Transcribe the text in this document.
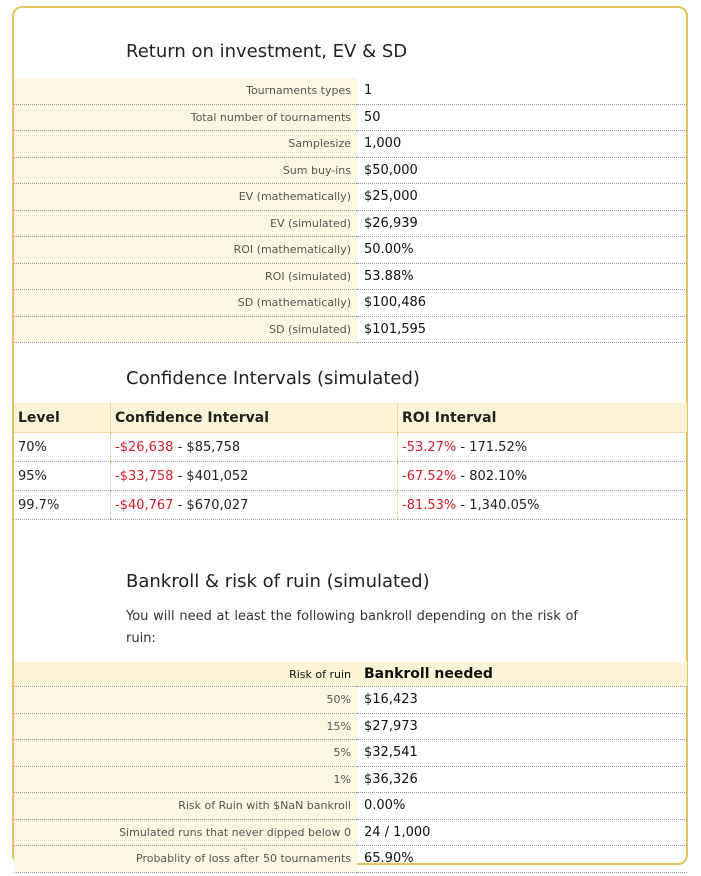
Return on investment, EV & SD
Tournaments types	1
Total number of tournaments	50
Samplesize	1,000
Sum buy-ins	$50,000
EV (mathematically)	$25,000
EV (simulated)	$26,939
ROI (mathematically)	50.00%
ROI (simulated)	53.88%
SD (mathematically)	$100,486
SD (simulated)	$101,595
Confidence Intervals (simulated)
Level	Confidence Interval	ROI Interval
70%	-$26,638 - $85,758	-53.27% - 171.52%
95%	-$33,758 - $401,052	-67.52% - 802.10%
99.7%	-$40,767 - $670,027	-81.53% - 1,340.05%
Bankroll & risk of ruin (simulated)

You will need at least the following bankroll depending on the risk of ruin:

Risk of ruin	Bankroll needed
50%	$16,423
15%	$27,973
5%	$32,541
1%	$36,326
Risk of Ruin with $NaN bankroll	0.00%
Simulated runs that never dipped below 0	24 / 1,000
Probablity of loss after 50 tournaments	65.90%
